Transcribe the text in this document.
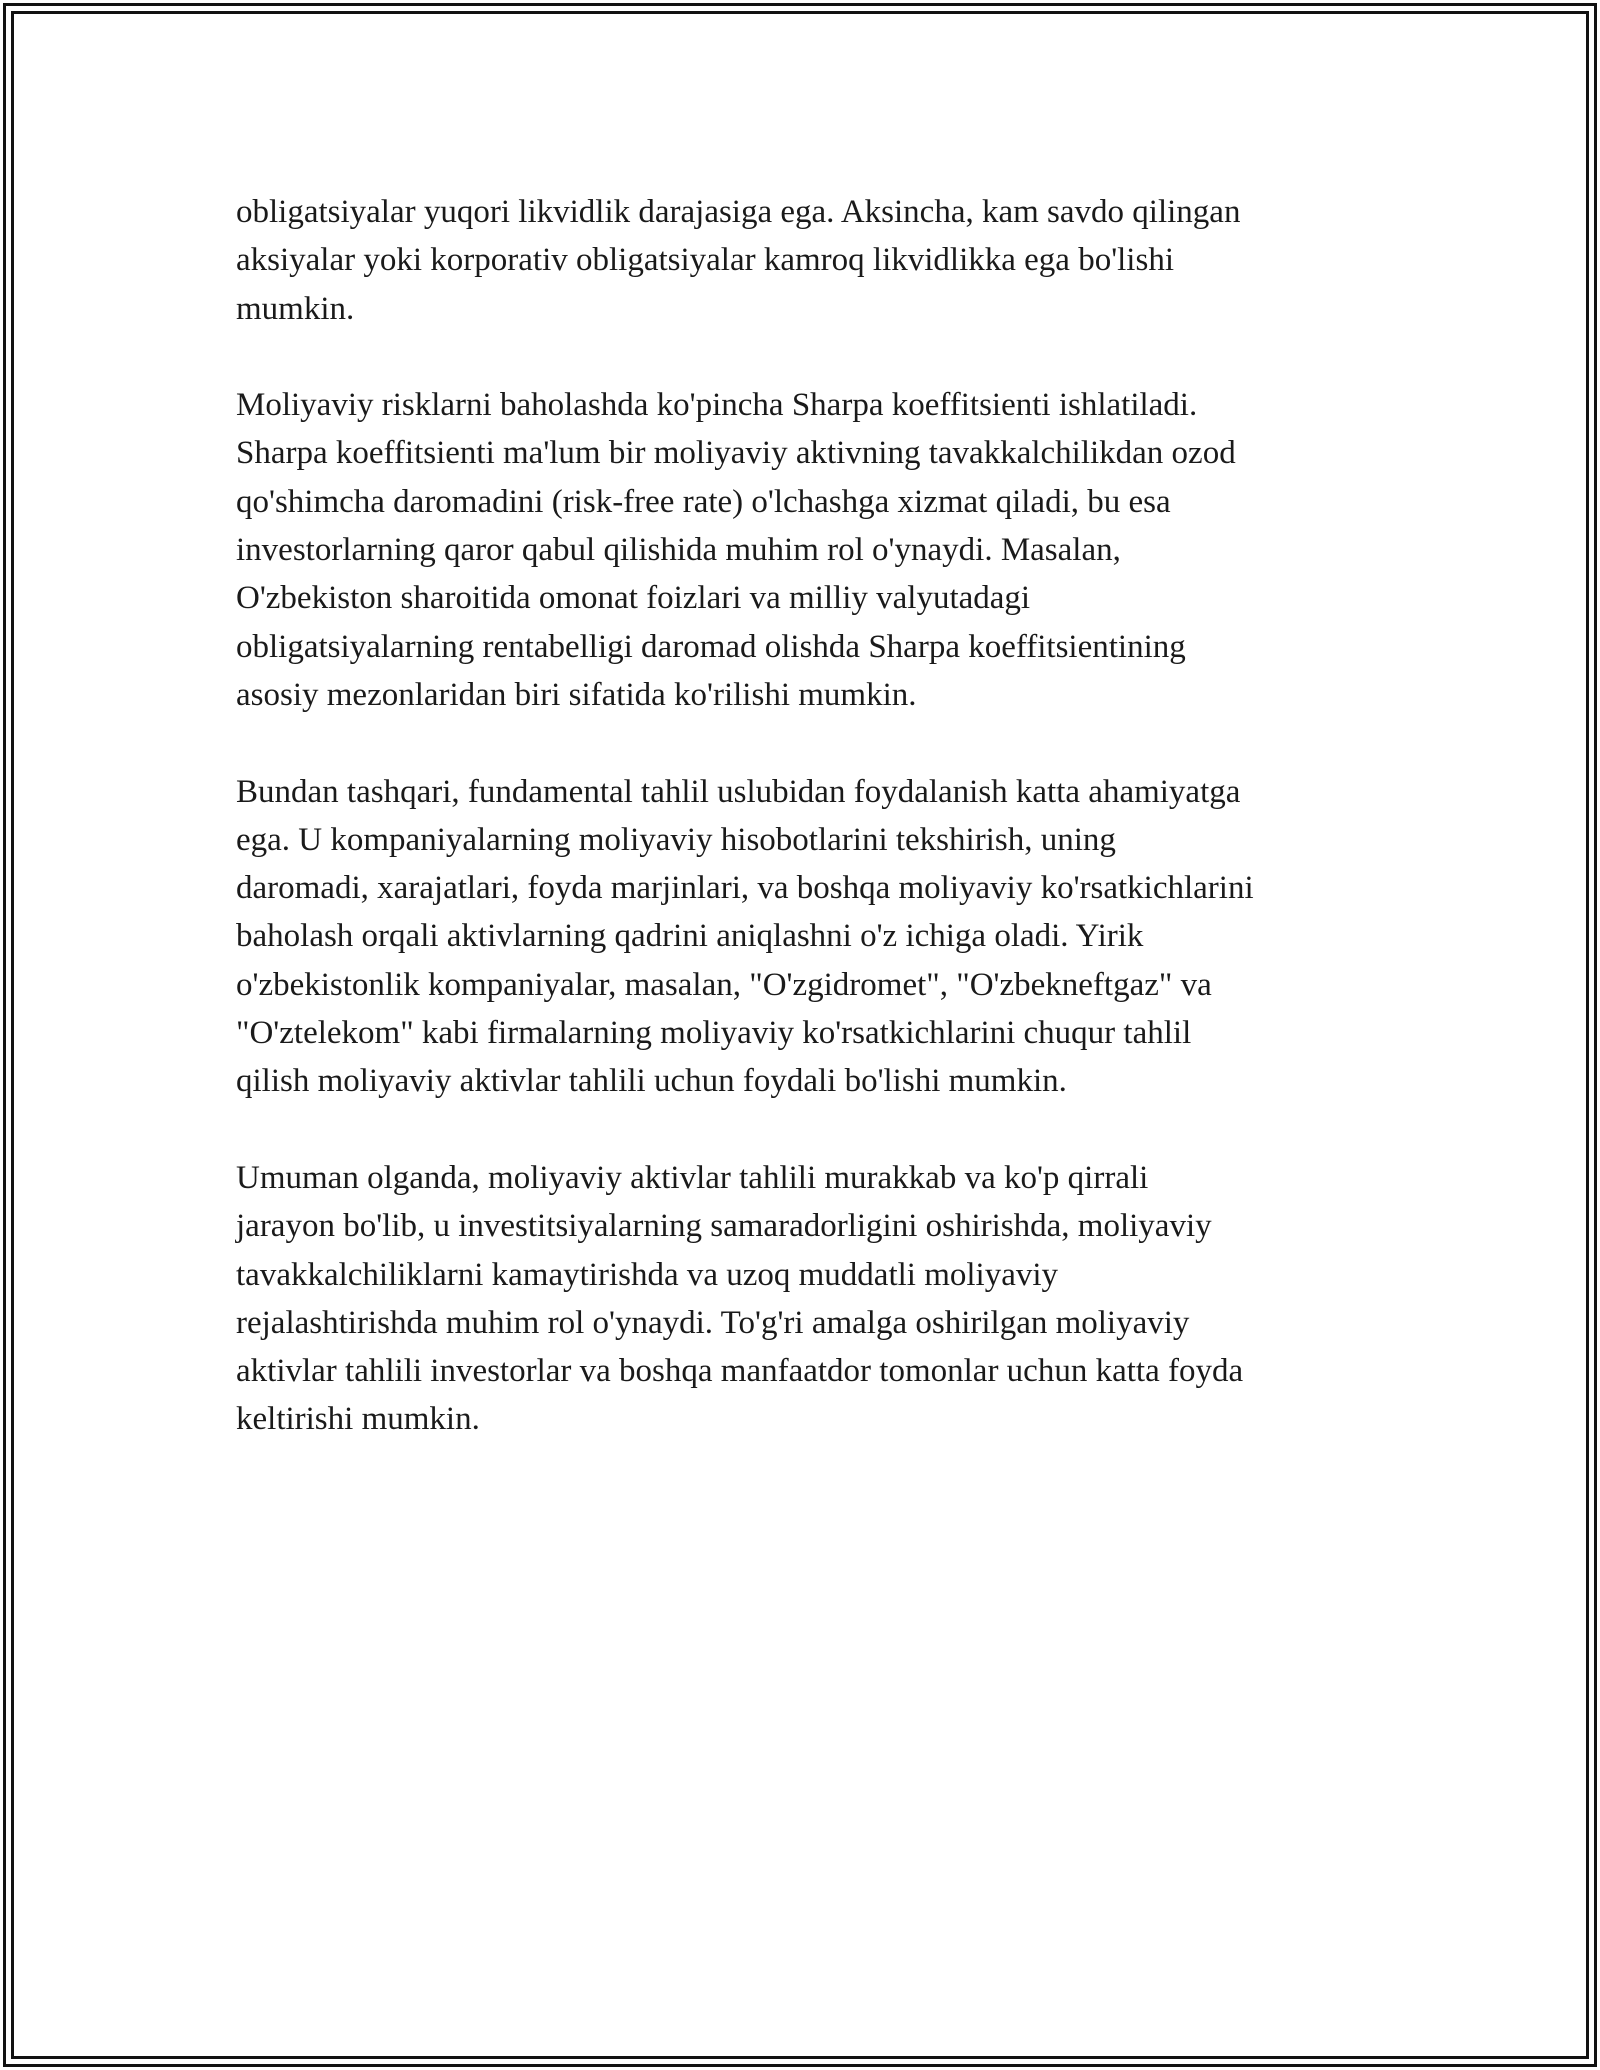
obligatsiyalar yuqori likvidlik darajasiga ega. Aksincha, kam savdo qilingan
aksiyalar yoki korporativ obligatsiyalar kamroq likvidlikka ega bo'lishi
mumkin.

Moliyaviy risklarni baholashda ko'pincha Sharpa koeffitsienti ishlatiladi.
Sharpa koeffitsienti ma'lum bir moliyaviy aktivning tavakkalchilikdan ozod
qo'shimcha daromadini (risk-free rate) o'lchashga xizmat qiladi, bu esa
investorlarning qaror qabul qilishida muhim rol o'ynaydi. Masalan,
O'zbekiston sharoitida omonat foizlari va milliy valyutadagi
obligatsiyalarning rentabelligi daromad olishda Sharpa koeffitsientining
asosiy mezonlaridan biri sifatida ko'rilishi mumkin.

Bundan tashqari, fundamental tahlil uslubidan foydalanish katta ahamiyatga
ega. U kompaniyalarning moliyaviy hisobotlarini tekshirish, uning
daromadi, xarajatlari, foyda marjinlari, va boshqa moliyaviy ko'rsatkichlarini
baholash orqali aktivlarning qadrini aniqlashni o'z ichiga oladi. Yirik
o'zbekistonlik kompaniyalar, masalan, "O'zgidromet", "O'zbekneftgaz" va
"O'ztelekom" kabi firmalarning moliyaviy ko'rsatkichlarini chuqur tahlil
qilish moliyaviy aktivlar tahlili uchun foydali bo'lishi mumkin.

Umuman olganda, moliyaviy aktivlar tahlili murakkab va ko'p qirrali
jarayon bo'lib, u investitsiyalarning samaradorligini oshirishda, moliyaviy
tavakkalchiliklarni kamaytirishda va uzoq muddatli moliyaviy
rejalashtirishda muhim rol o'ynaydi. To'g'ri amalga oshirilgan moliyaviy
aktivlar tahlili investorlar va boshqa manfaatdor tomonlar uchun katta foyda
keltirishi mumkin.
